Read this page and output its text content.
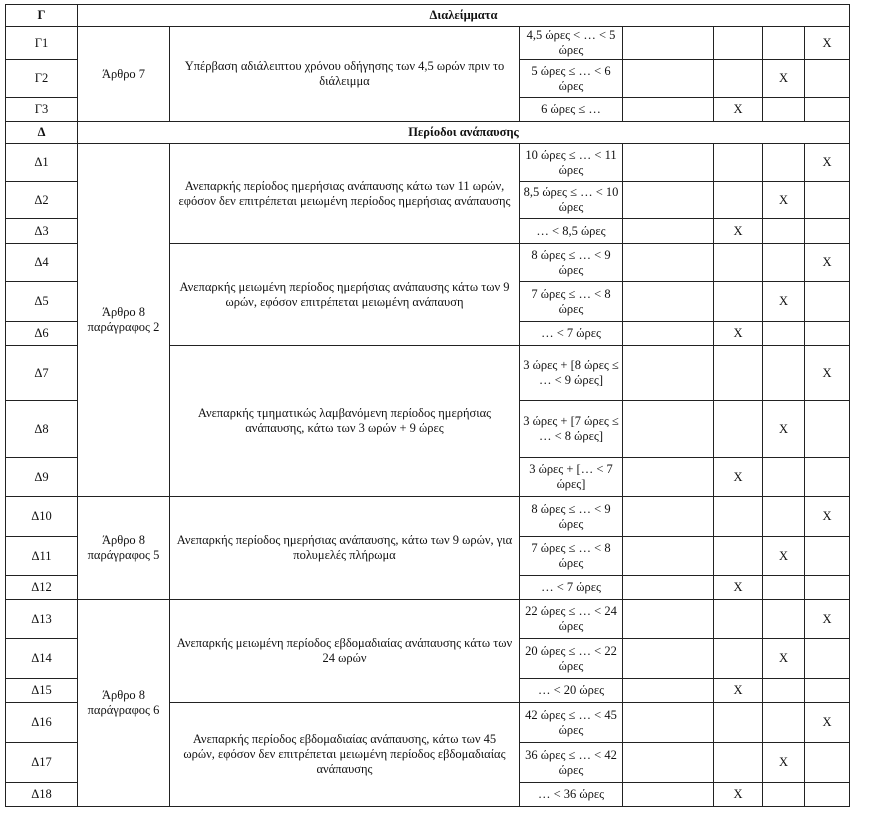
Γ	Διαλείμματα						
Γ1	Άρθρο 7	Υπέρβαση αδιάλειπτου χρόνου οδήγησης των 4,5 ωρών πριν το διάλειμμα	4,5 ώρες < … < 5 ώρες				X
Γ2			5 ώρες ≤ … < 6 ώρες			X	
Γ3			6 ώρες ≤ …		X		
Δ	Περίοδοι ανάπαυσης						
Δ1	Άρθρο 8 παράγραφος 2	Ανεπαρκής περίοδος ημερήσιας ανάπαυσης κάτω των 11 ωρών, εφόσον δεν επιτρέπεται μειωμένη περίοδος ημερήσιας ανάπαυσης	10 ώρες ≤ … < 11 ώρες				X
Δ2			8,5 ώρες ≤ … < 10 ώρες			X	
Δ3			… < 8,5 ώρες		X		
Δ4		Ανεπαρκής μειωμένη περίοδος ημερήσιας ανάπαυσης κάτω των 9 ωρών, εφόσον επιτρέπεται μειωμένη ανάπαυση	8 ώρες ≤ … < 9 ώρες				X
Δ5			7 ώρες ≤ … < 8 ώρες			X	
Δ6			… < 7 ώρες		X		
Δ7		Ανεπαρκής τμηματικώς λαμβανόμενη περίοδος ημερήσιας ανάπαυσης, κάτω των 3 ωρών + 9 ώρες	3 ώρες + [8 ώρες ≤ … < 9 ώρες]				X
Δ8			3 ώρες + [7 ώρες ≤ … < 8 ώρες]			X	
Δ9			3 ώρες + [… < 7 ώρες]		X		
Δ10	Άρθρο 8 παράγραφος 5	Ανεπαρκής περίοδος ημερήσιας ανάπαυσης, κάτω των 9 ωρών, για πολυμελές πλήρωμα	8 ώρες ≤ … < 9 ώρες				X
Δ11			7 ώρες ≤ … < 8 ώρες			X	
Δ12			… < 7 ώρες		X		
Δ13	Άρθρο 8 παράγραφος 6	Ανεπαρκής μειωμένη περίοδος εβδομαδιαίας ανάπαυσης κάτω των 24 ωρών	22 ώρες ≤ … < 24 ώρες				X
Δ14			20 ώρες ≤ … < 22 ώρες			X	
Δ15			… < 20 ώρες		X		
Δ16		Ανεπαρκής περίοδος εβδομαδιαίας ανάπαυσης, κάτω των 45 ωρών, εφόσον δεν επιτρέπεται μειωμένη περίοδος εβδομαδιαίας ανάπαυσης	42 ώρες ≤ … < 45 ώρες				X
Δ17			36 ώρες ≤ … < 42 ώρες			X	
Δ18			… < 36 ώρες		X		
